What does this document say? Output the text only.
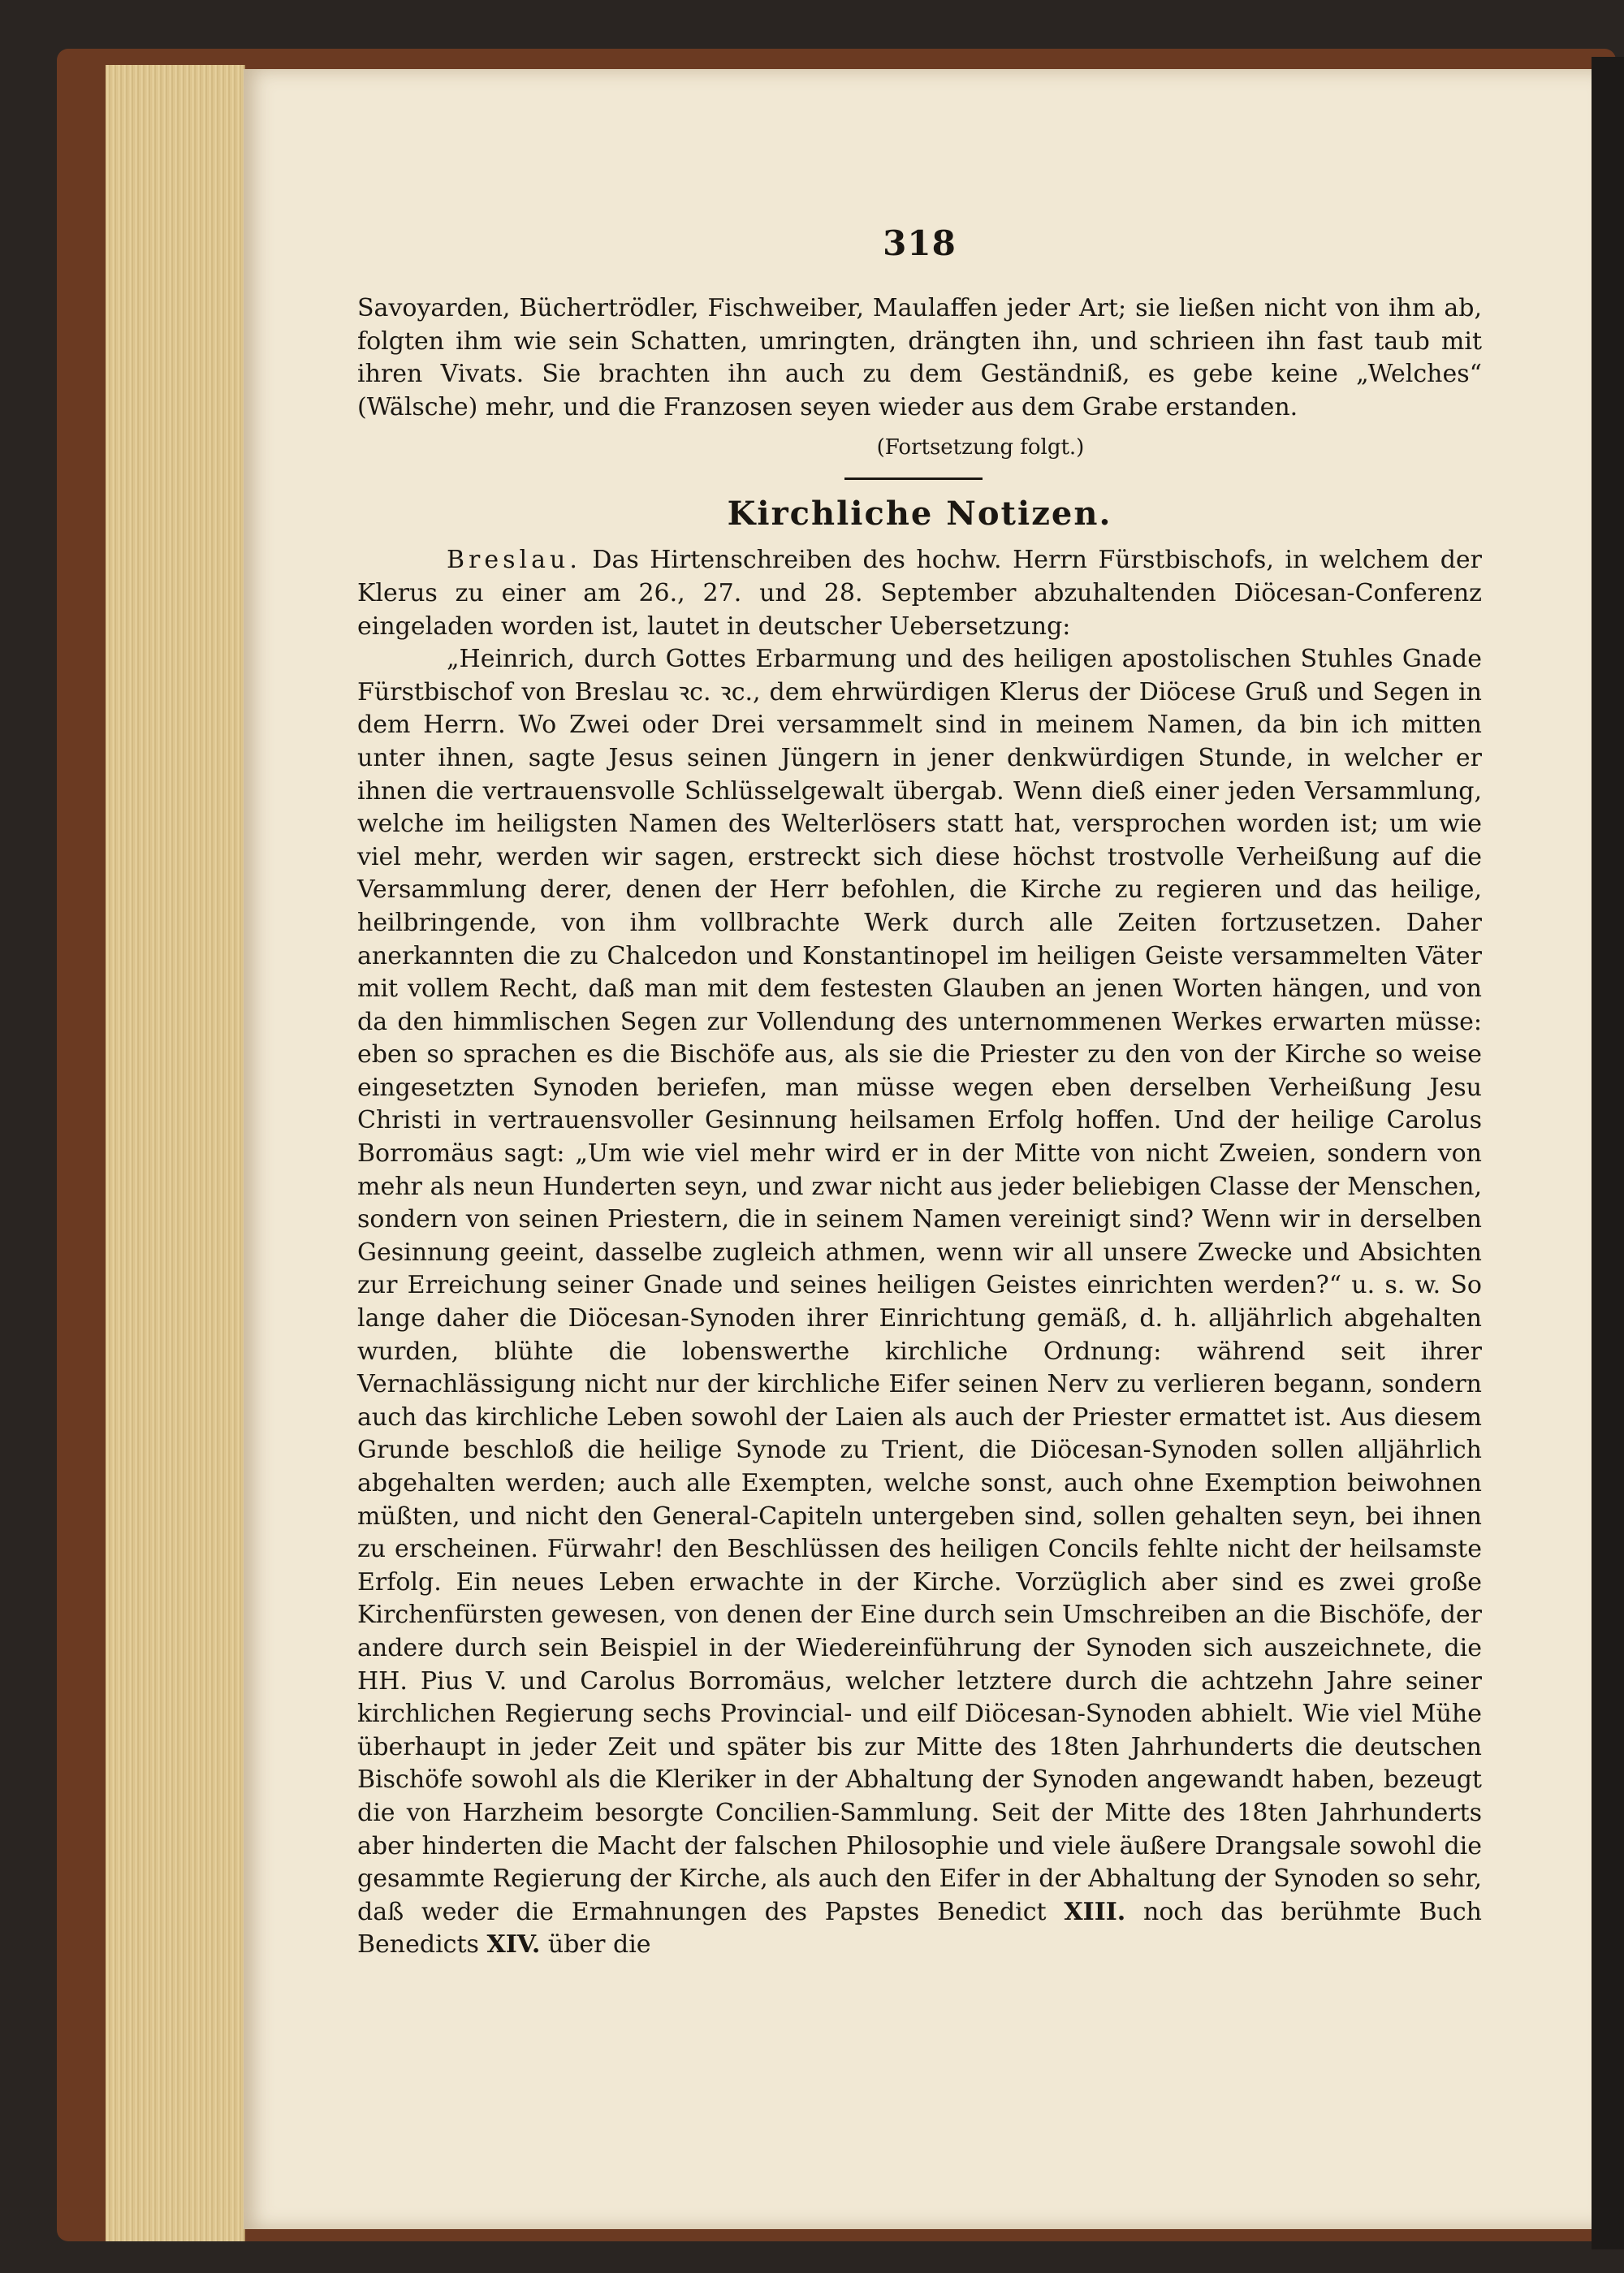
318

Savoyarden, Büchertrödler, Fischweiber, Maulaffen jeder Art; sie ließen nicht von ihm ab, folgten ihm wie sein Schatten, umringten, drängten ihn, und schrieen ihn fast taub mit ihren Vivats. Sie brachten ihn auch zu dem Geständniß, es gebe keine „Welches“ (Wälsche) mehr, und die Franzosen seyen wieder aus dem Grabe erstanden.

(Fortsetzung folgt.)
Kirchliche Notizen.

Breslau. Das Hirtenschreiben des hochw. Herrn Fürstbischofs, in welchem der Klerus zu einer am 26., 27. und 28. September abzuhaltenden Diöcesan-Conferenz eingeladen worden ist, lautet in deutscher Uebersetzung:

„Heinrich, durch Gottes Erbarmung und des heiligen apostolischen Stuhles Gnade Fürstbischof von Breslau ꝛc. ꝛc., dem ehrwürdigen Klerus der Diöcese Gruß und Segen in dem Herrn. Wo Zwei oder Drei versammelt sind in meinem Namen, da bin ich mitten unter ihnen, sagte Jesus seinen Jüngern in jener denkwürdigen Stunde, in welcher er ihnen die vertrauensvolle Schlüsselgewalt übergab. Wenn dieß einer jeden Versammlung, welche im heiligsten Namen des Welterlösers statt hat, versprochen worden ist; um wie viel mehr, werden wir sagen, erstreckt sich diese höchst trostvolle Verheißung auf die Versammlung derer, denen der Herr befohlen, die Kirche zu regieren und das heilige, heilbringende, von ihm vollbrachte Werk durch alle Zeiten fortzusetzen. Daher anerkannten die zu Chalcedon und Konstantinopel im heiligen Geiste versammelten Väter mit vollem Recht, daß man mit dem festesten Glauben an jenen Worten hängen, und von da den himmlischen Segen zur Vollendung des unternommenen Werkes erwarten müsse: eben so sprachen es die Bischöfe aus, als sie die Priester zu den von der Kirche so weise eingesetzten Synoden beriefen, man müsse wegen eben derselben Verheißung Jesu Christi in vertrauensvoller Gesinnung heilsamen Erfolg hoffen. Und der heilige Carolus Borromäus sagt: „Um wie viel mehr wird er in der Mitte von nicht Zweien, sondern von mehr als neun Hunderten seyn, und zwar nicht aus jeder beliebigen Classe der Menschen, sondern von seinen Priestern, die in seinem Namen vereinigt sind? Wenn wir in derselben Gesinnung geeint, dasselbe zugleich athmen, wenn wir all unsere Zwecke und Absichten zur Erreichung seiner Gnade und seines heiligen Geistes einrichten werden?“ u. s. w. So lange daher die Diöcesan-Synoden ihrer Einrichtung gemäß, d. h. alljährlich abgehalten wurden, blühte die lobenswerthe kirchliche Ordnung: während seit ihrer Vernachlässigung nicht nur der kirchliche Eifer seinen Nerv zu verlieren begann, sondern auch das kirchliche Leben sowohl der Laien als auch der Priester ermattet ist. Aus diesem Grunde beschloß die heilige Synode zu Trient, die Diöcesan-Synoden sollen alljährlich abgehalten werden; auch alle Exempten, welche sonst, auch ohne Exemption beiwohnen müßten, und nicht den General-Capiteln untergeben sind, sollen gehalten seyn, bei ihnen zu erscheinen. Fürwahr! den Beschlüssen des heiligen Concils fehlte nicht der heilsamste Erfolg. Ein neues Leben erwachte in der Kirche. Vorzüglich aber sind es zwei große Kirchenfürsten gewesen, von denen der Eine durch sein Umschreiben an die Bischöfe, der andere durch sein Beispiel in der Wiedereinführung der Synoden sich auszeichnete, die HH. Pius V. und Carolus Borromäus, welcher letztere durch die achtzehn Jahre seiner kirchlichen Regierung sechs Provincial- und eilf Diöcesan-Synoden abhielt. Wie viel Mühe überhaupt in jeder Zeit und später bis zur Mitte des 18ten Jahrhunderts die deutschen Bischöfe sowohl als die Kleriker in der Abhaltung der Synoden angewandt haben, bezeugt die von Harzheim besorgte Concilien-Sammlung. Seit der Mitte des 18ten Jahrhunderts aber hinderten die Macht der falschen Philosophie und viele äußere Drangsale sowohl die gesammte Regierung der Kirche, als auch den Eifer in der Abhaltung der Synoden so sehr, daß weder die Ermahnungen des Papstes Benedict XIII. noch das berühmte Buch Benedicts XIV. über die
